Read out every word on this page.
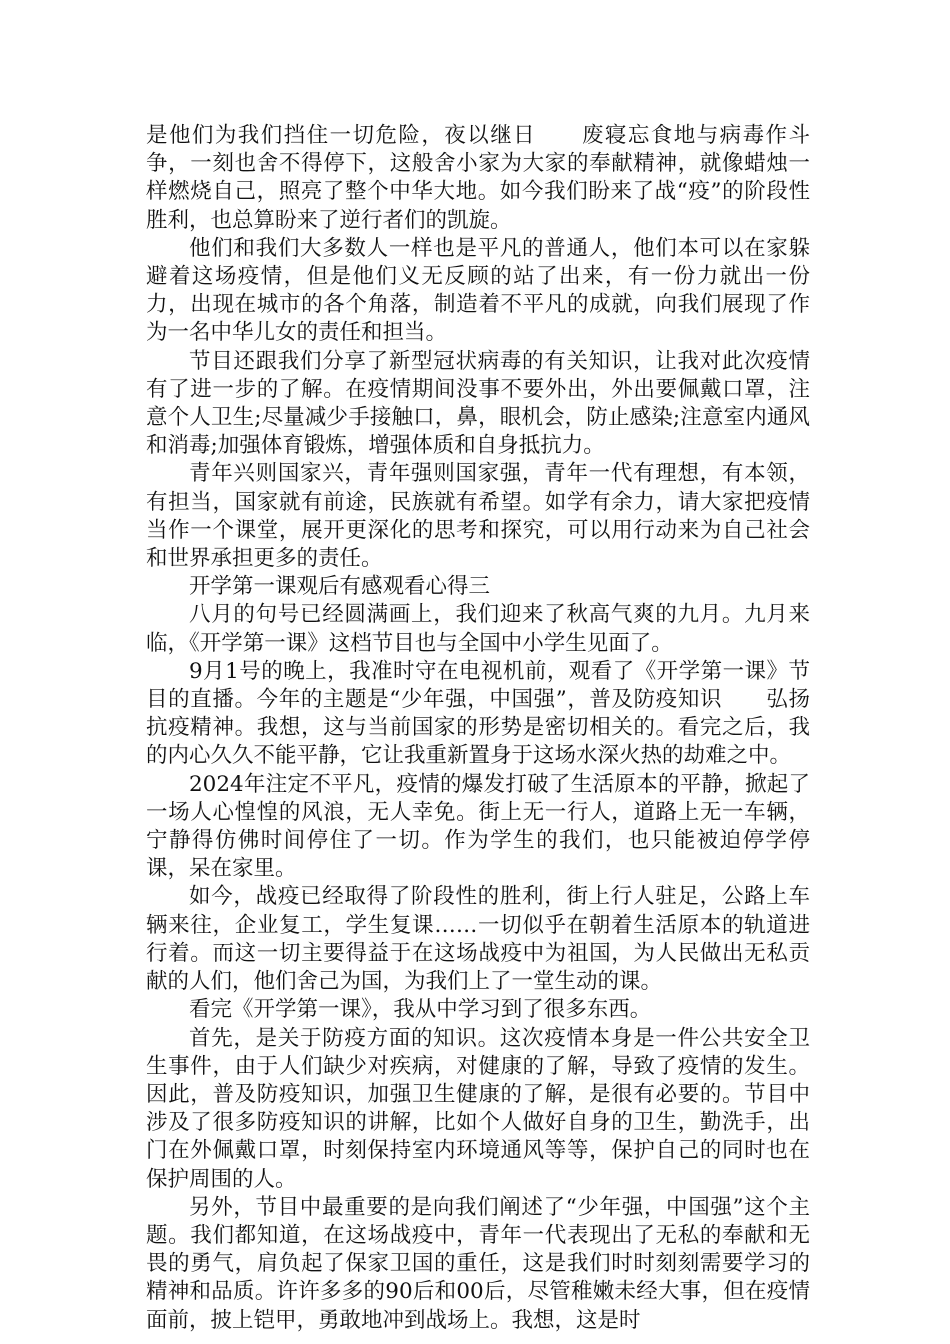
是他们为我们挡住一切危险，夜以继日　　废寝忘食地与病毒作斗争，一刻也舍不得停下，这般舍小家为大家的奉献精神，就像蜡烛一样燃烧自己，照亮了整个中华大地。如今我们盼来了战“疫”的阶段性胜利，也总算盼来了逆行者们的凯旋。

他们和我们大多数人一样也是平凡的普通人，他们本可以在家躲避着这场疫情，但是他们义无反顾的站了出来，有一份力就出一份力，出现在城市的各个角落，制造着不平凡的成就，向我们展现了作为一名中华儿女的责任和担当。

节目还跟我们分享了新型冠状病毒的有关知识，让我对此次疫情有了进一步的了解。在疫情期间没事不要外出，外出要佩戴口罩，注意个人卫生;尽量减少手接触口，鼻，眼机会，防止感染;注意室内通风和消毒;加强体育锻炼，增强体质和自身抵抗力。

青年兴则国家兴，青年强则国家强，青年一代有理想，有本领，有担当，国家就有前途，民族就有希望。如学有余力，请大家把疫情当作一个课堂，展开更深化的思考和探究，可以用行动来为自己社会和世界承担更多的责任。

开学第一课观后有感观看心得三

八月的句号已经圆满画上，我们迎来了秋高气爽的九月。九月来临，《开学第一课》这档节目也与全国中小学生见面了。

9月1号的晚上，我准时守在电视机前，观看了《开学第一课》节目的直播。今年的主题是“少年强，中国强”，普及防疫知识　　弘扬抗疫精神。我想，这与当前国家的形势是密切相关的。看完之后，我的内心久久不能平静，它让我重新置身于这场水深火热的劫难之中。

2024年注定不平凡，疫情的爆发打破了生活原本的平静，掀起了一场人心惶惶的风浪，无人幸免。街上无一行人，道路上无一车辆，宁静得仿佛时间停住了一切。作为学生的我们，也只能被迫停学停课，呆在家里。

如今，战疫已经取得了阶段性的胜利，街上行人驻足，公路上车辆来往，企业复工，学生复课……一切似乎在朝着生活原本的轨道进行着。而这一切主要得益于在这场战疫中为祖国，为人民做出无私贡献的人们，他们舍己为国，为我们上了一堂生动的课。

看完《开学第一课》，我从中学习到了很多东西。

首先，是关于防疫方面的知识。这次疫情本身是一件公共安全卫生事件，由于人们缺少对疾病，对健康的了解，导致了疫情的发生。因此，普及防疫知识，加强卫生健康的了解，是很有必要的。节目中涉及了很多防疫知识的讲解，比如个人做好自身的卫生，勤洗手，出门在外佩戴口罩，时刻保持室内环境通风等等，保护自己的同时也在保护周围的人。

另外，节目中最重要的是向我们阐述了“少年强，中国强”这个主题。我们都知道，在这场战疫中，青年一代表现出了无私的奉献和无畏的勇气，肩负起了保家卫国的重任，这是我们时时刻刻需要学习的精神和品质。许许多多的90后和00后，尽管稚嫩未经大事，但在疫情面前，披上铠甲，勇敢地冲到战场上。我想，这是时
